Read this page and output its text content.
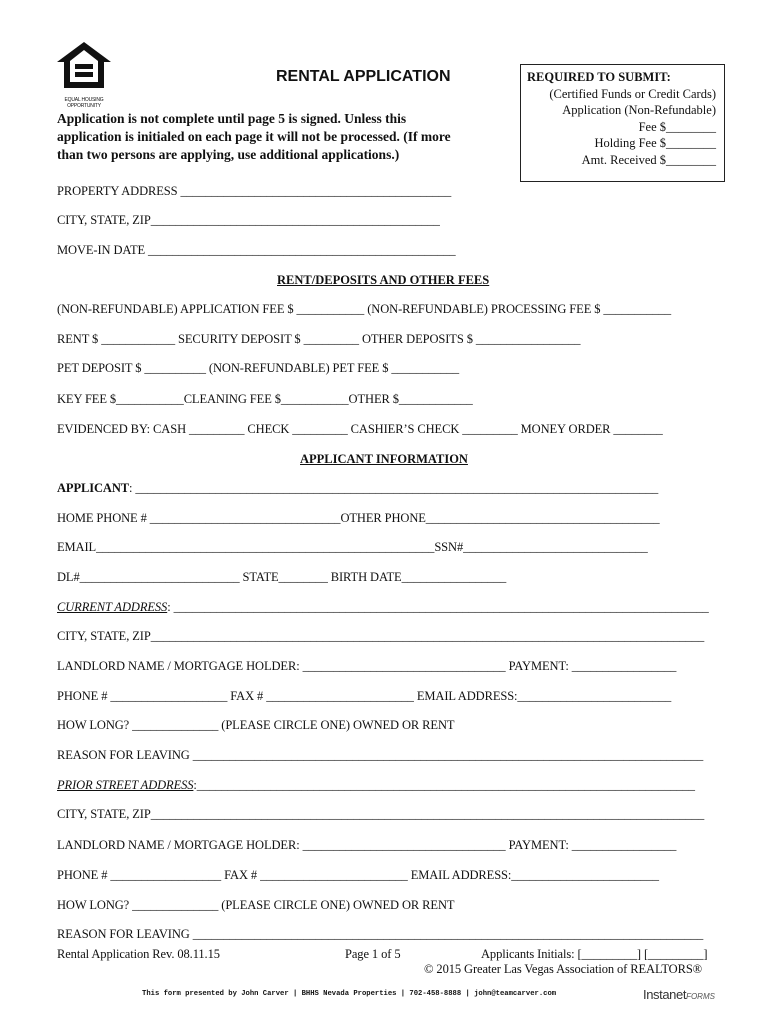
EQUAL HOUSING OPPORTUNITY
RENTAL APPLICATION
Application is not complete until page 5 is signed. Unless this
application is initialed on each page it will not be processed. (If more
than two persons are applying, use additional applications.)
REQUIRED TO SUBMIT:
(Certified Funds or Credit Cards)
Application (Non-Refundable)
Fee $________
Holding Fee $________
Amt. Received $________
PROPERTY ADDRESS ____________________________________________
CITY, STATE, ZIP_______________________________________________
MOVE-IN DATE __________________________________________________
RENT/DEPOSITS AND OTHER FEES
(NON-REFUNDABLE) APPLICATION FEE $ ___________ (NON-REFUNDABLE) PROCESSING FEE $ ___________
RENT $ ____________ SECURITY DEPOSIT $ _________ OTHER DEPOSITS $ _________________
PET DEPOSIT $ __________ (NON-REFUNDABLE) PET FEE $ ___________
KEY FEE $___________CLEANING FEE $___________OTHER $____________
EVIDENCED BY: CASH _________ CHECK _________ CASHIER’S CHECK _________ MONEY ORDER ________
APPLICANT INFORMATION
APPLICANT: _____________________________________________________________________________________
HOME PHONE # _______________________________OTHER PHONE______________________________________
EMAIL_______________________________________________________SSN#______________________________
DL#__________________________ STATE________ BIRTH DATE_________________
CURRENT ADDRESS: _______________________________________________________________________________________
CITY, STATE, ZIP__________________________________________________________________________________________
LANDLORD NAME / MORTGAGE HOLDER: _________________________________ PAYMENT: _________________
PHONE # ___________________ FAX # ________________________ EMAIL ADDRESS:_________________________
HOW LONG? ______________ (PLEASE CIRCLE ONE) OWNED OR RENT
REASON FOR LEAVING ___________________________________________________________________________________
PRIOR STREET ADDRESS:_________________________________________________________________________________
CITY, STATE, ZIP__________________________________________________________________________________________
LANDLORD NAME / MORTGAGE HOLDER: _________________________________ PAYMENT: _________________
PHONE # __________________ FAX # ________________________ EMAIL ADDRESS:________________________
HOW LONG? ______________ (PLEASE CIRCLE ONE) OWNED OR RENT
REASON FOR LEAVING ___________________________________________________________________________________
Rental Application Rev. 08.11.15	Page 1 of 5	Applicants Initials: [_________] [_________]
© 2015 Greater Las Vegas Association of REALTORS®
This form presented by John Carver | BHHS Nevada Properties | 702-458-8888 | john@teamcarver.com	InstanetFORMS
